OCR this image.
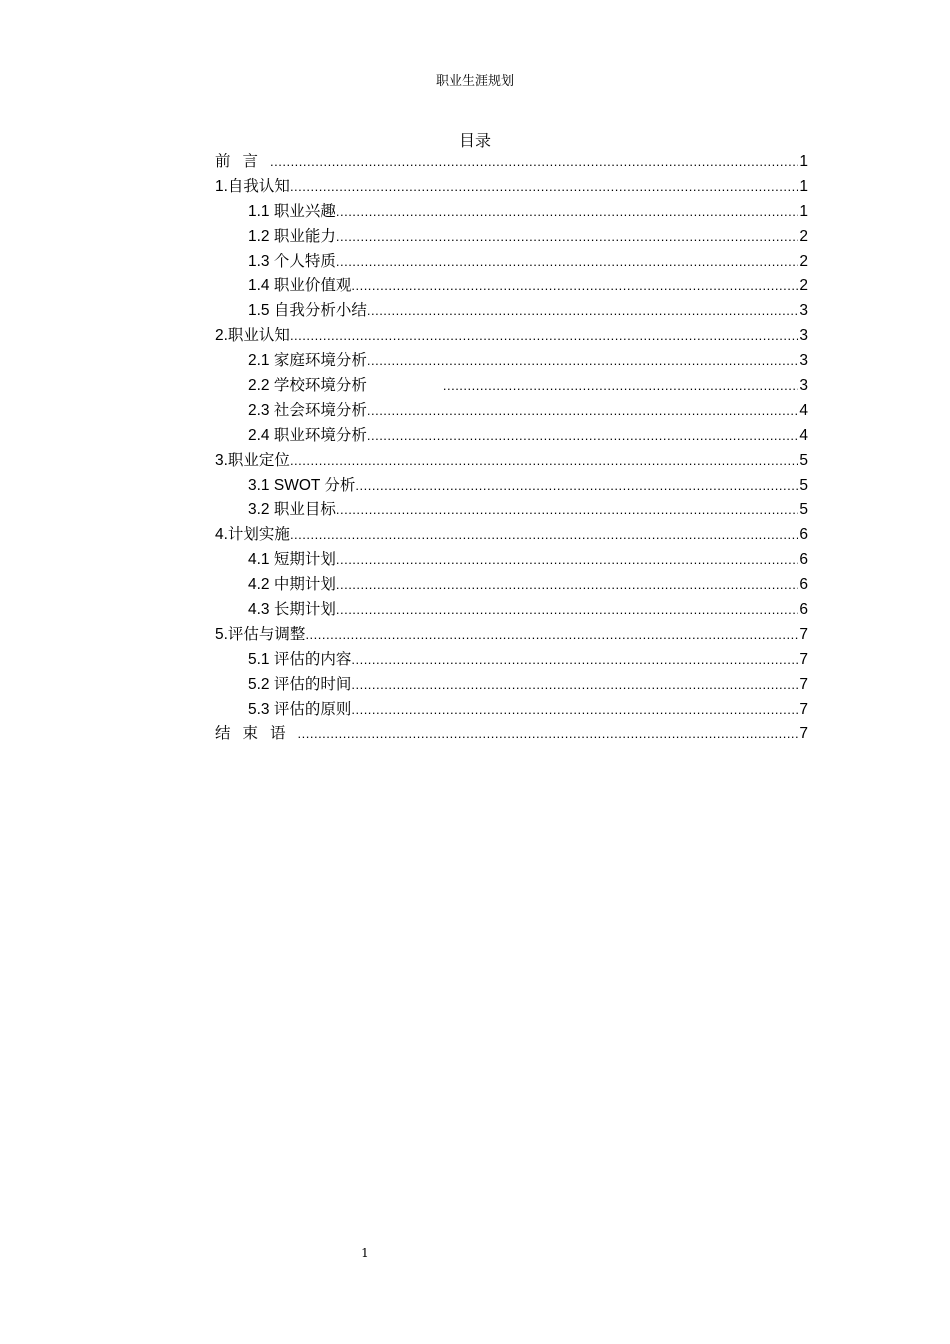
职业生涯规划
目录
前言 .....	1
1.自我认知 .....	1
1.1 职业兴趣 .....	1
1.2 职业能力 .....	2
1.3 个人特质 .....	2
1.4 职业价值观 .....	2
1.5 自我分析小结 .....	3
2.职业认知 .....	3
2.1 家庭环境分析 .....	3
2.2 学校环境分析 .....	3
2.3 社会环境分析 .....	4
2.4 职业环境分析 .....	4
3.职业定位 .....	5
3.1 SWOT 分析 .....	5
3.2 职业目标 .....	5
4.计划实施 .....	6
4.1 短期计划 .....	6
4.2 中期计划 .....	6
4.3 长期计划 .....	6
5.评估与调整 .....	7
5.1 评估的内容 .....	7
5.2 评估的时间 .....	7
5.3 评估的原则 .....	7
结束语 .....	7
1
